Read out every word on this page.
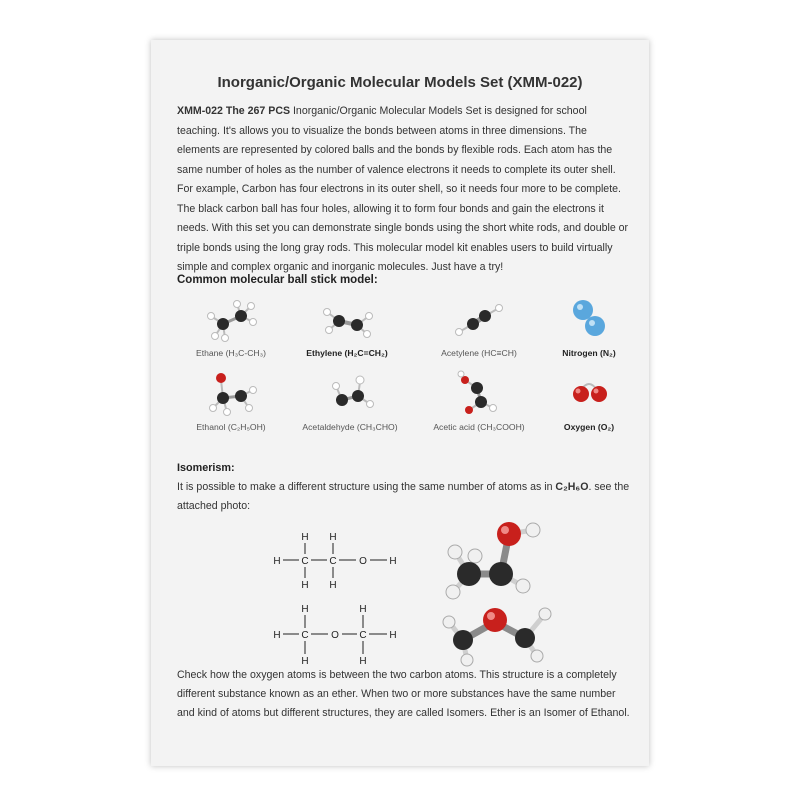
Inorganic/Organic Molecular Models Set (XMM-022)
XMM-022 The 267 PCS Inorganic/Organic Molecular Models Set is designed for school teaching. It's allows you to visualize the bonds between atoms in three dimensions. The elements are represented by colored balls and the bonds by flexible rods. Each atom has the same number of holes as the number of valence electrons it needs to complete its outer shell. For example, Carbon has four electrons in its outer shell, so it needs four more to be complete. The black carbon ball has four holes, allowing it to form four bonds and gain the electrons it needs. With this set you can demonstrate single bonds using the short white rods, and double or triple bonds using the long gray rods. This molecular model kit enables users to build virtually simple and complex organic and inorganic molecules. Just have a try!
Common molecular ball stick model:
Ethane (H₃C-CH₃)	Ethylene (H₂C=CH₂)	Acetylene (HC≡CH)	Nitrogen (N₂)
Ethanol (C₂H₅OH)	Acetaldehyde (CH₃CHO)	Acetic acid (CH₃COOH)	Oxygen (O₂)
Isomerism:
It is possible to make a different structure using the same number of atoms as in C₂H₆O. see the attached photo:
H H
H C C O H
H H
H	H
H C O C H
H	H
Check how the oxygen atoms is between the two carbon atoms. This structure is a completely different substance known as an ether. When two or more substances have the same number and kind of atoms but different structures, they are called Isomers. Ether is an Isomer of Ethanol.
